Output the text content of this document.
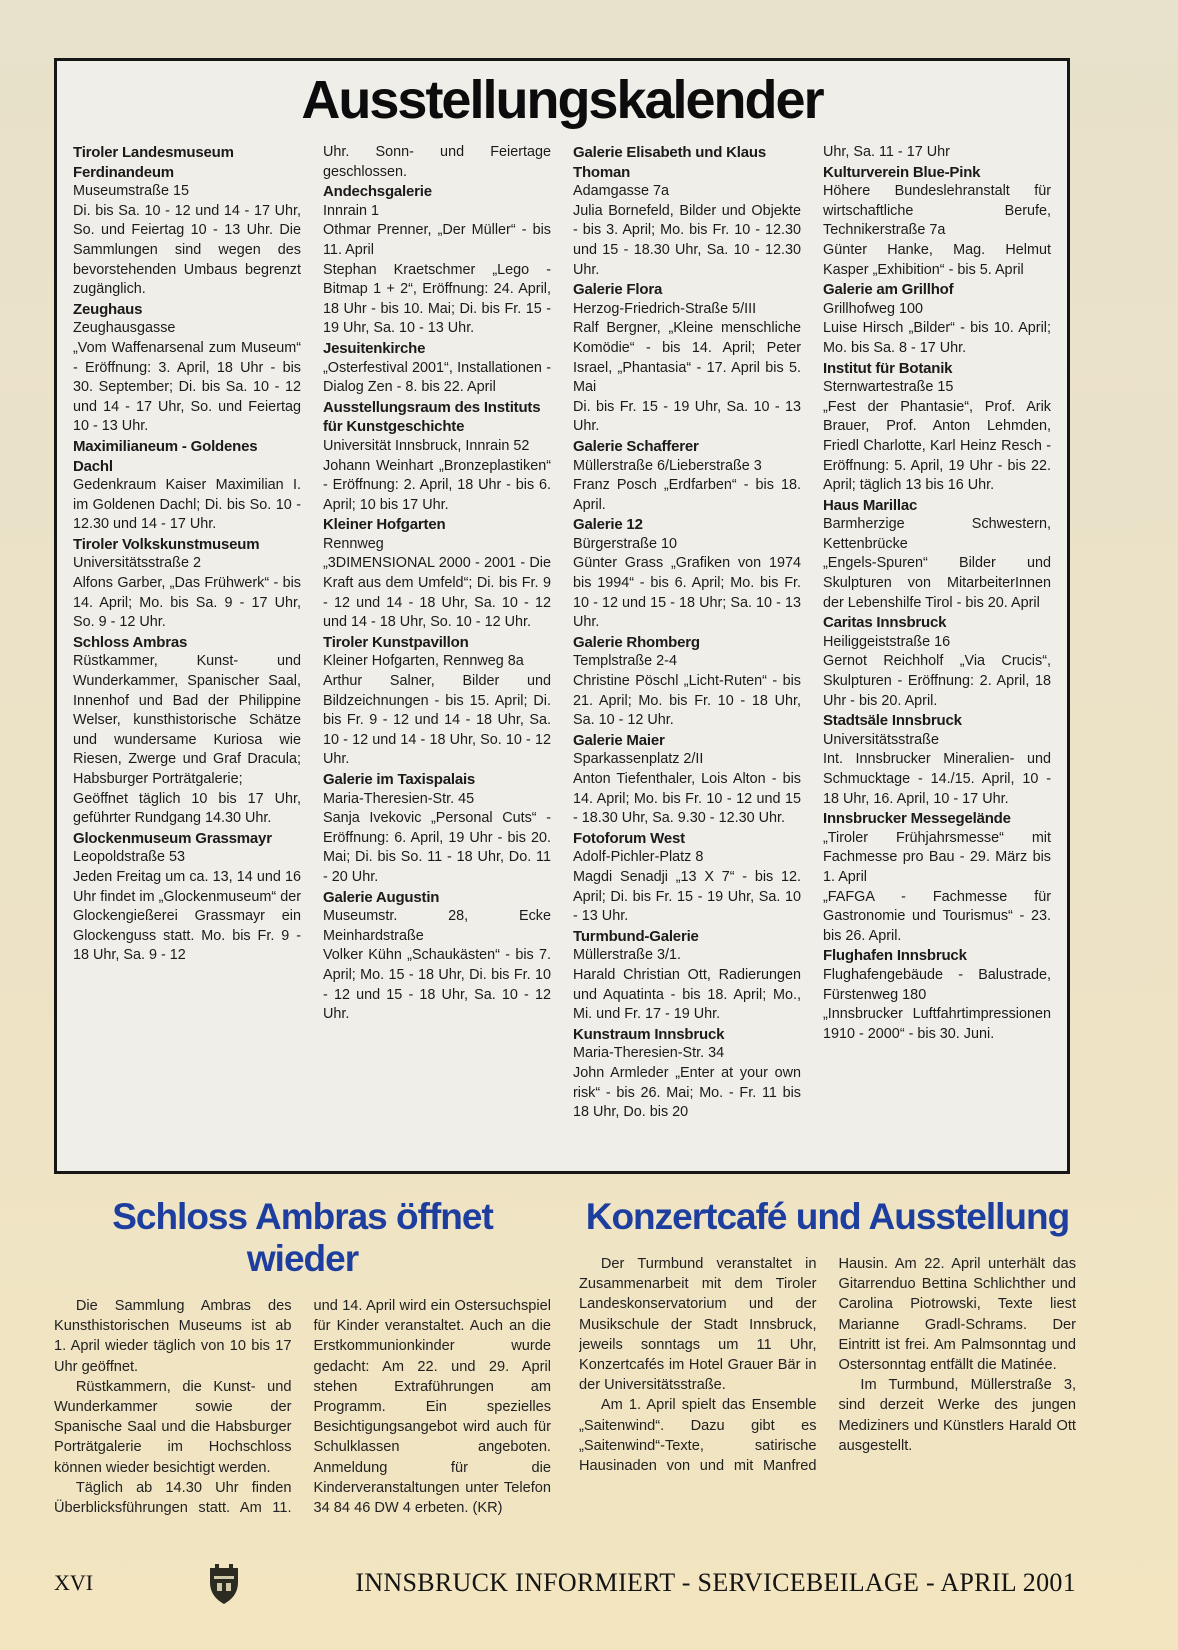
Ausstellungskalender
Tiroler Landesmuseum Ferdinandeum
Museumstraße 15
Di. bis Sa. 10 - 12 und 14 - 17 Uhr, So. und Feiertag 10 - 13 Uhr. Die Sammlungen sind wegen des bevorstehenden Umbaus begrenzt zugänglich.
Zeughaus
Zeughausgasse
„Vom Waffenarsenal zum Museum“ - Eröffnung: 3. April, 18 Uhr - bis 30. September; Di. bis Sa. 10 - 12 und 14 - 17 Uhr, So. und Feiertag 10 - 13 Uhr.
Maximilianeum - Goldenes Dachl
Gedenkraum Kaiser Maximilian I. im Goldenen Dachl; Di. bis So. 10 - 12.30 und 14 - 17 Uhr.
Tiroler Volkskunstmuseum
Universitätsstraße 2
Alfons Garber, „Das Frühwerk“ - bis 14. April; Mo. bis Sa. 9 - 17 Uhr, So. 9 - 12 Uhr.
Schloss Ambras
Rüstkammer, Kunst- und Wunderkammer, Spanischer Saal, Innenhof und Bad der Philippine Welser, kunsthistorische Schätze und wundersame Kuriosa wie Riesen, Zwerge und Graf Dracula; Habsburger Porträtgalerie;
Geöffnet täglich 10 bis 17 Uhr, geführter Rundgang 14.30 Uhr.
Glockenmuseum Grassmayr
Leopoldstraße 53
Jeden Freitag um ca. 13, 14 und 16 Uhr findet im „Glockenmuseum“ der Glockengießerei Grassmayr ein Glockenguss statt. Mo. bis Fr. 9 - 18 Uhr, Sa. 9 - 12
Uhr. Sonn- und Feiertage geschlossen.
Andechsgalerie
Innrain 1
Othmar Prenner, „Der Müller“ - bis 11. April
Stephan Kraetschmer „Lego - Bitmap 1 + 2“, Eröffnung: 24. April, 18 Uhr - bis 10. Mai; Di. bis Fr. 15 - 19 Uhr, Sa. 10 - 13 Uhr.
Jesuitenkirche
„Osterfestival 2001“, Installationen - Dialog Zen - 8. bis 22. April
Ausstellungsraum des Instituts für Kunstgeschichte
Universität Innsbruck, Innrain 52
Johann Weinhart „Bronzeplastiken“ - Eröffnung: 2. April, 18 Uhr - bis 6. April; 10 bis 17 Uhr.
Kleiner Hofgarten
Rennweg
„3DIMENSIONAL 2000 - 2001 - Die Kraft aus dem Umfeld“; Di. bis Fr. 9 - 12 und 14 - 18 Uhr, Sa. 10 - 12 und 14 - 18 Uhr, So. 10 - 12 Uhr.
Tiroler Kunstpavillon
Kleiner Hofgarten, Rennweg 8a
Arthur Salner, Bilder und Bildzeichnungen - bis 15. April; Di. bis Fr. 9 - 12 und 14 - 18 Uhr, Sa. 10 - 12 und 14 - 18 Uhr, So. 10 - 12 Uhr.
Galerie im Taxispalais
Maria-Theresien-Str. 45
Sanja Ivekovic „Personal Cuts“ - Eröffnung: 6. April, 19 Uhr - bis 20. Mai; Di. bis So. 11 - 18 Uhr, Do. 11 - 20 Uhr.
Galerie Augustin
Museumstr. 28, Ecke Meinhardstraße
Volker Kühn „Schaukästen“ - bis 7. April; Mo. 15 - 18 Uhr, Di. bis Fr. 10 - 12 und 15 - 18 Uhr, Sa. 10 - 12 Uhr.
Galerie Elisabeth und Klaus Thoman
Adamgasse 7a
Julia Bornefeld, Bilder und Objekte - bis 3. April; Mo. bis Fr. 10 - 12.30 und 15 - 18.30 Uhr, Sa. 10 - 12.30 Uhr.
Galerie Flora
Herzog-Friedrich-Straße 5/III
Ralf Bergner, „Kleine menschliche Komödie“ - bis 14. April; Peter Israel, „Phantasia“ - 17. April bis 5. Mai
Di. bis Fr. 15 - 19 Uhr, Sa. 10 - 13 Uhr.
Galerie Schafferer
Müllerstraße 6/Lieberstraße 3
Franz Posch „Erdfarben“ - bis 18. April.
Galerie 12
Bürgerstraße 10
Günter Grass „Grafiken von 1974 bis 1994“ - bis 6. April; Mo. bis Fr. 10 - 12 und 15 - 18 Uhr; Sa. 10 - 13 Uhr.
Galerie Rhomberg
Templstraße 2-4
Christine Pöschl „Licht-Ruten“ - bis 21. April; Mo. bis Fr. 10 - 18 Uhr, Sa. 10 - 12 Uhr.
Galerie Maier
Sparkassenplatz 2/II
Anton Tiefenthaler, Lois Alton - bis 14. April; Mo. bis Fr. 10 - 12 und 15 - 18.30 Uhr, Sa. 9.30 - 12.30 Uhr.
Fotoforum West
Adolf-Pichler-Platz 8
Magdi Senadji „13 X 7“ - bis 12. April; Di. bis Fr. 15 - 19 Uhr, Sa. 10 - 13 Uhr.
Turmbund-Galerie
Müllerstraße 3/1.
Harald Christian Ott, Radierungen und Aquatinta - bis 18. April; Mo., Mi. und Fr. 17 - 19 Uhr.
Kunstraum Innsbruck
Maria-Theresien-Str. 34
John Armleder „Enter at your own risk“ - bis 26. Mai; Mo. - Fr. 11 bis 18 Uhr, Do. bis 20
Uhr, Sa. 11 - 17 Uhr
Kulturverein Blue-Pink
Höhere Bundeslehranstalt für wirtschaftliche Berufe, Technikerstraße 7a
Günter Hanke, Mag. Helmut Kasper „Exhibition“ - bis 5. April
Galerie am Grillhof
Grillhofweg 100
Luise Hirsch „Bilder“ - bis 10. April; Mo. bis Sa. 8 - 17 Uhr.
Institut für Botanik
Sternwartestraße 15
„Fest der Phantasie“, Prof. Arik Brauer, Prof. Anton Lehmden, Friedl Charlotte, Karl Heinz Resch - Eröffnung: 5. April, 19 Uhr - bis 22. April; täglich 13 bis 16 Uhr.
Haus Marillac
Barmherzige Schwestern, Kettenbrücke
„Engels-Spuren“ Bilder und Skulpturen von MitarbeiterInnen der Lebenshilfe Tirol - bis 20. April
Caritas Innsbruck
Heiliggeiststraße 16
Gernot Reichholf „Via Crucis“, Skulpturen - Eröffnung: 2. April, 18 Uhr - bis 20. April.
Stadtsäle Innsbruck
Universitätsstraße
Int. Innsbrucker Mineralien- und Schmucktage - 14./15. April, 10 - 18 Uhr, 16. April, 10 - 17 Uhr.
Innsbrucker Messegelände
„Tiroler Frühjahrsmesse“ mit Fachmesse pro Bau - 29. März bis 1. April
„FAFGA - Fachmesse für Gastronomie und Tourismus“ - 23. bis 26. April.
Flughafen Innsbruck
Flughafengebäude - Balustrade, Fürstenweg 180
„Innsbrucker Luftfahrtimpressionen 1910 - 2000“ - bis 30. Juni.
Schloss Ambras öffnet wieder

Die Sammlung Ambras des Kunsthistorischen Museums ist ab 1. April wieder täglich von 10 bis 17 Uhr geöffnet.

Rüstkammern, die Kunst- und Wunderkammer sowie der Spanische Saal und die Habsburger Porträtgalerie im Hochschloss können wieder besichtigt werden.

Täglich ab 14.30 Uhr finden Überblicksführungen statt. Am 11. und 14. April wird ein Ostersuchspiel für Kinder veranstaltet. Auch an die Erstkommunionkinder wurde gedacht: Am 22. und 29. April stehen Extraführungen am Programm. Ein spezielles Besichtigungsangebot wird auch für Schulklassen angeboten. Anmeldung für die Kinderveranstaltungen unter Telefon 34 84 46 DW 4 erbeten. (KR)

Konzertcafé und Ausstellung

Der Turmbund veranstaltet in Zusammenarbeit mit dem Tiroler Landeskonservatorium und der Musikschule der Stadt Innsbruck, jeweils sonntags um 11 Uhr, Konzertcafés im Hotel Grauer Bär in der Universitätsstraße.

Am 1. April spielt das Ensemble „Saitenwind“. Dazu gibt es „Saitenwind“-Texte, satirische Hausinaden von und mit Manfred Hausin. Am 22. April unterhält das Gitarrenduo Bettina Schlichther und Carolina Piotrowski, Texte liest Marianne Gradl-Schrams. Der Eintritt ist frei. Am Palmsonntag und Ostersonntag entfällt die Matinée.

Im Turmbund, Müllerstraße 3, sind derzeit Werke des jungen Mediziners und Künstlers Harald Ott ausgestellt.

XVI	INNSBRUCK INFORMIERT - SERVICEBEILAGE - APRIL 2001
